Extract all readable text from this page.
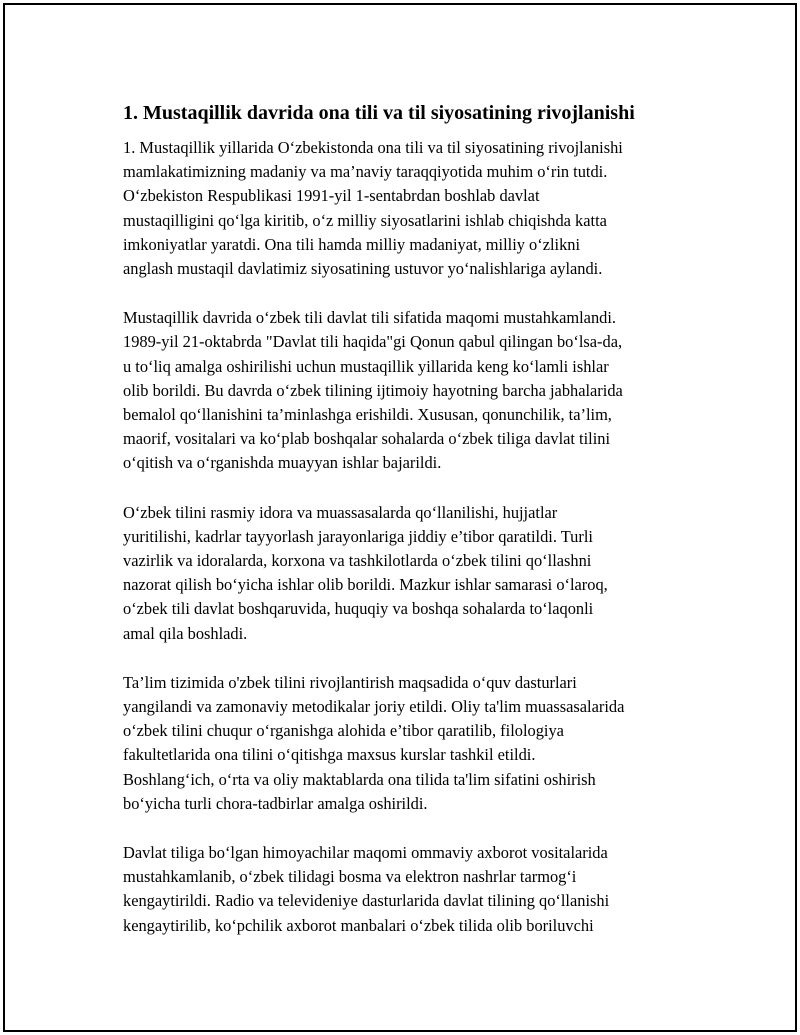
1. Mustaqillik davrida ona tili va til siyosatining rivojlanishi

1. Mustaqillik yillarida O‘zbekistonda ona tili va til siyosatining rivojlanishi
mamlakatimizning madaniy va ma’naviy taraqqiyotida muhim o‘rin tutdi.
O‘zbekiston Respublikasi 1991-yil 1-sentabrdan boshlab davlat
mustaqilligini qo‘lga kiritib, o‘z milliy siyosatlarini ishlab chiqishda katta
imkoniyatlar yaratdi. Ona tili hamda milliy madaniyat, milliy o‘zlikni
anglash mustaqil davlatimiz siyosatining ustuvor yo‘nalishlariga aylandi.

Mustaqillik davrida o‘zbek tili davlat tili sifatida maqomi mustahkamlandi.
1989-yil 21-oktabrda "Davlat tili haqida"gi Qonun qabul qilingan bo‘lsa-da,
u to‘liq amalga oshirilishi uchun mustaqillik yillarida keng ko‘lamli ishlar
olib borildi. Bu davrda o‘zbek tilining ijtimoiy hayotning barcha jabhalarida
bemalol qo‘llanishini ta’minlashga erishildi. Xususan, qonunchilik, ta’lim,
maorif, vositalari va ko‘plab boshqalar sohalarda o‘zbek tiliga davlat tilini
o‘qitish va o‘rganishda muayyan ishlar bajarildi.

O‘zbek tilini rasmiy idora va muassasalarda qo‘llanilishi, hujjatlar
yuritilishi, kadrlar tayyorlash jarayonlariga jiddiy e’tibor qaratildi. Turli
vazirlik va idoralarda, korxona va tashkilotlarda o‘zbek tilini qo‘llashni
nazorat qilish bo‘yicha ishlar olib borildi. Mazkur ishlar samarasi o‘laroq,
o‘zbek tili davlat boshqaruvida, huquqiy va boshqa sohalarda to‘laqonli
amal qila boshladi.

Ta’lim tizimida o'zbek tilini rivojlantirish maqsadida o‘quv dasturlari
yangilandi va zamonaviy metodikalar joriy etildi. Oliy ta'lim muassasalarida
o‘zbek tilini chuqur o‘rganishga alohida e’tibor qaratilib, filologiya
fakultetlarida ona tilini o‘qitishga maxsus kurslar tashkil etildi.
Boshlang‘ich, o‘rta va oliy maktablarda ona tilida ta'lim sifatini oshirish
bo‘yicha turli chora-tadbirlar amalga oshirildi.

Davlat tiliga bo‘lgan himoyachilar maqomi ommaviy axborot vositalarida
mustahkamlanib, o‘zbek tilidagi bosma va elektron nashrlar tarmog‘i
kengaytirildi. Radio va televideniye dasturlarida davlat tilining qo‘llanishi
kengaytirilib, ko‘pchilik axborot manbalari o‘zbek tilida olib boriluvchi
